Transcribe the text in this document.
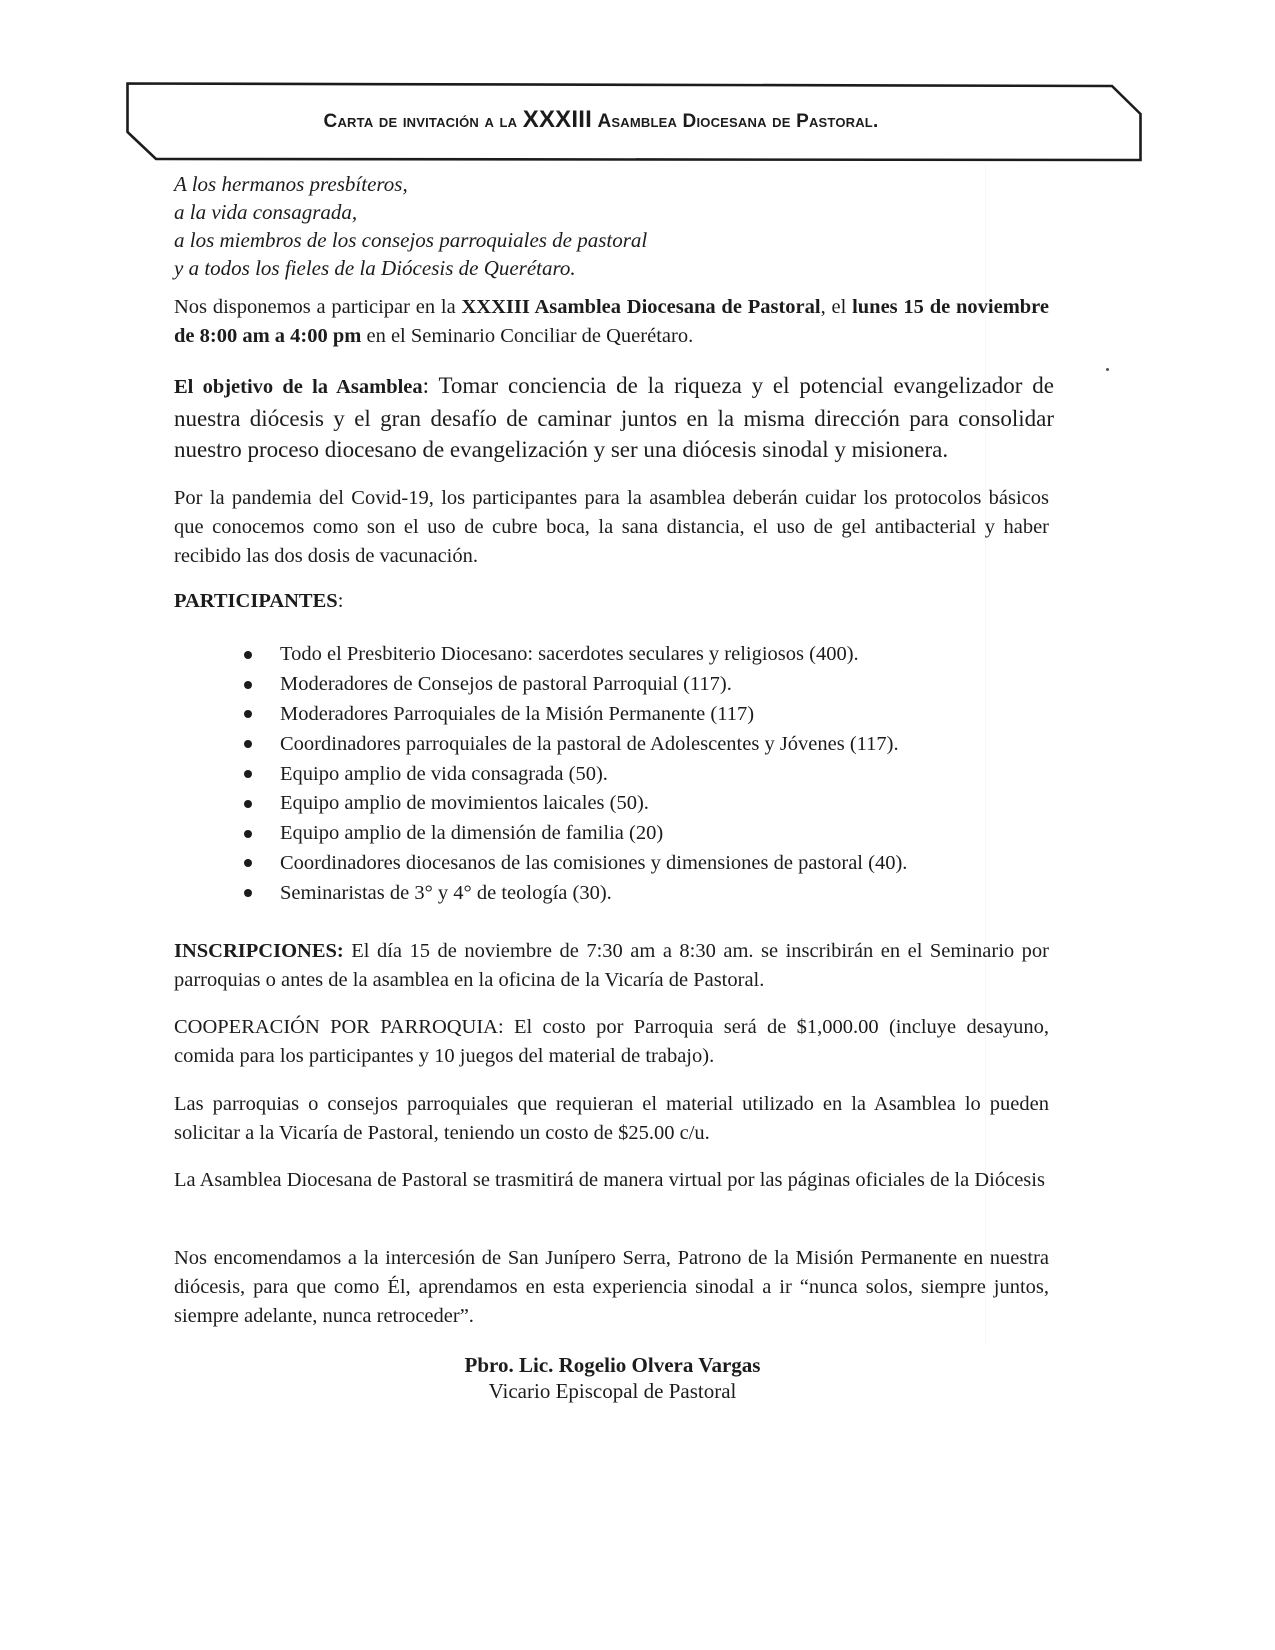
Carta de invitación a la XXXIII Asamblea Diocesana de Pastoral.
A los hermanos presbíteros,
a la vida consagrada,
a los miembros de los consejos parroquiales de pastoral
y a todos los fieles de la Diócesis de Querétaro.
Nos disponemos a participar en la XXXIII Asamblea Diocesana de Pastoral, el lunes 15 de noviembre de 8:00 am a 4:00 pm en el Seminario Conciliar de Querétaro.
El objetivo de la Asamblea: Tomar conciencia de la riqueza y el potencial evangelizador de nuestra diócesis y el gran desafío de caminar juntos en la misma dirección para consolidar nuestro proceso diocesano de evangelización y ser una diócesis sinodal y misionera.
Por la pandemia del Covid-19, los participantes para la asamblea deberán cuidar los protocolos básicos que conocemos como son el uso de cubre boca, la sana distancia, el uso de gel antibacterial y haber recibido las dos dosis de vacunación.
PARTICIPANTES:
Todo el Presbiterio Diocesano: sacerdotes seculares y religiosos (400).
Moderadores de Consejos de pastoral Parroquial (117).
Moderadores Parroquiales de la Misión Permanente (117)
Coordinadores parroquiales de la pastoral de Adolescentes y Jóvenes (117).
Equipo amplio de vida consagrada (50).
Equipo amplio de movimientos laicales (50).
Equipo amplio de la dimensión de familia (20)
Coordinadores diocesanos de las comisiones y dimensiones de pastoral (40).
Seminaristas de 3° y 4° de teología (30).
INSCRIPCIONES: El día 15 de noviembre de 7:30 am a 8:30 am. se inscribirán en el Seminario por parroquias o antes de la asamblea en la oficina de la Vicaría de Pastoral.
COOPERACIÓN POR PARROQUIA: El costo por Parroquia será de $1,000.00 (incluye desayuno, comida para los participantes y 10 juegos del material de trabajo).
Las parroquias o consejos parroquiales que requieran el material utilizado en la Asamblea lo pueden solicitar a la Vicaría de Pastoral, teniendo un costo de $25.00 c/u.
La Asamblea Diocesana de Pastoral se trasmitirá de manera virtual por las páginas oficiales de la Diócesis
Nos encomendamos a la intercesión de San Junípero Serra, Patrono de la Misión Permanente en nuestra diócesis, para que como Él, aprendamos en esta experiencia sinodal a ir “nunca solos, siempre juntos, siempre adelante, nunca retroceder”.
Pbro. Lic. Rogelio Olvera Vargas
Vicario Episcopal de Pastoral
